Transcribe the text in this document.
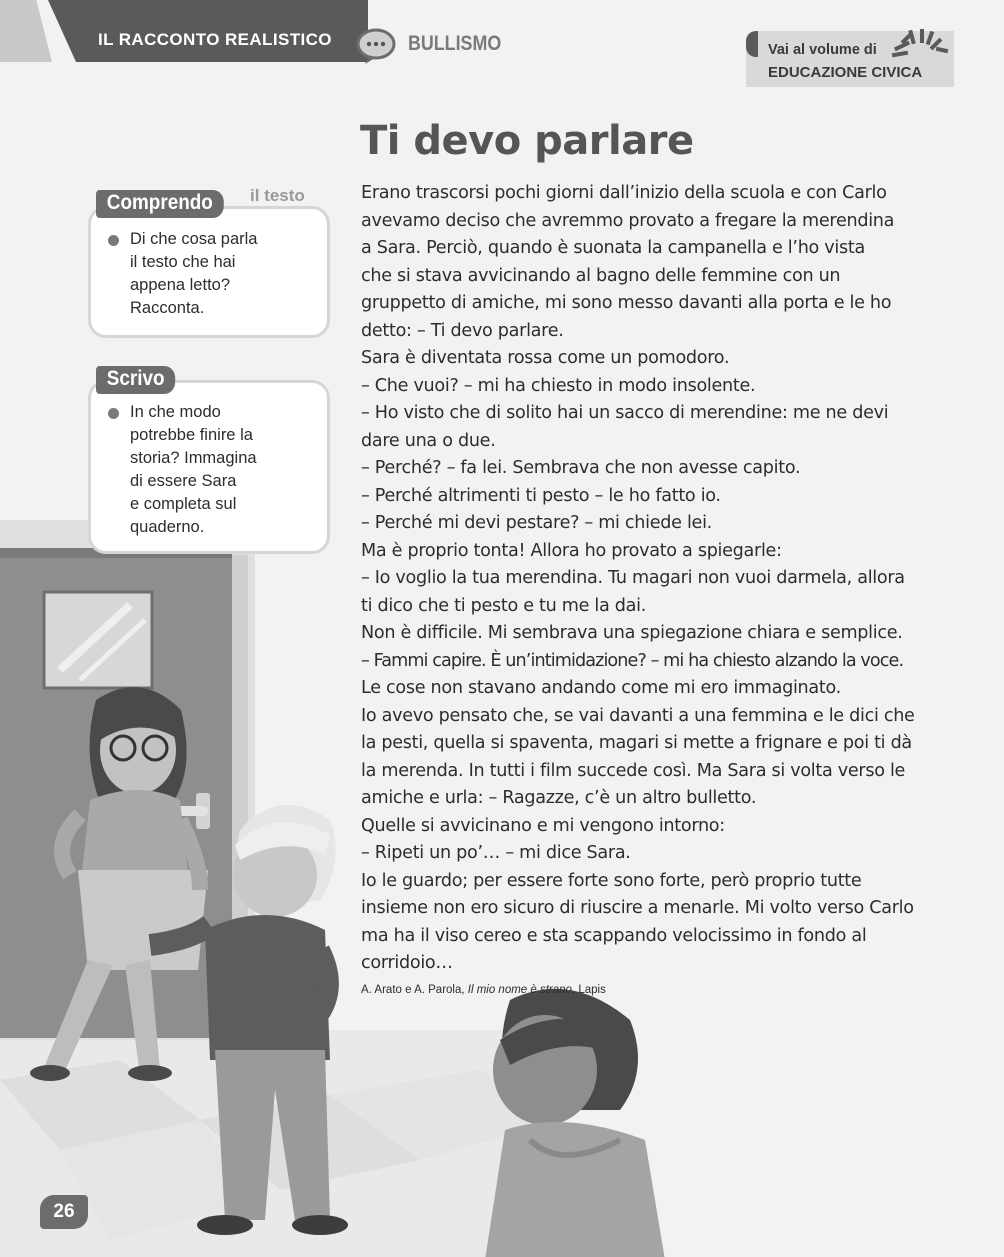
IL RACCONTO REALISTICO	BULLISMO	Vai al volume di
EDUCAZIONE CIVICA
Ti devo parlare
Erano trascorsi pochi giorni dall’inizio della scuola e con Carlo
avevamo deciso che avremmo provato a fregare la merendina
a Sara. Perciò, quando è suonata la campanella e l’ho vista
che si stava avvicinando al bagno delle femmine con un
gruppetto di amiche, mi sono messo davanti alla porta e le ho
detto: – Ti devo parlare.
Sara è diventata rossa come un pomodoro.
– Che vuoi? – mi ha chiesto in modo insolente.
– Ho visto che di solito hai un sacco di merendine: me ne devi
dare una o due.
– Perché? – fa lei. Sembrava che non avesse capito.
– Perché altrimenti ti pesto – le ho fatto io.
– Perché mi devi pestare? – mi chiede lei.
Ma è proprio tonta! Allora ho provato a spiegarle:
– Io voglio la tua merendina. Tu magari non vuoi darmela, allora
ti dico che ti pesto e tu me la dai.
Non è difficile. Mi sembrava una spiegazione chiara e semplice.
– Fammi capire. È un’intimidazione? – mi ha chiesto alzando la voce.
Le cose non stavano andando come mi ero immaginato.
Io avevo pensato che, se vai davanti a una femmina e le dici che
la pesti, quella si spaventa, magari si mette a frignare e poi ti dà
la merenda. In tutti i film succede così. Ma Sara si volta verso le
amiche e urla: – Ragazze, c’è un altro bulletto.
Quelle si avvicinano e mi vengono intorno:
– Ripeti un po’… – mi dice Sara.
Io le guardo; per essere forte sono forte, però proprio tutte
insieme non ero sicuro di riuscire a menarle. Mi volto verso Carlo
ma ha il viso cereo e sta scappando velocissimo in fondo al
corridoio…
A. Arato e A. Parola, Il mio nome è strano, Lapis
Comprendo	il testo
Di che cosa parla
il testo che hai
appena letto?
Racconta.
Scrivo
In che modo
potrebbe finire la
storia? Immagina
di essere Sara
e completa sul
quaderno.
26
